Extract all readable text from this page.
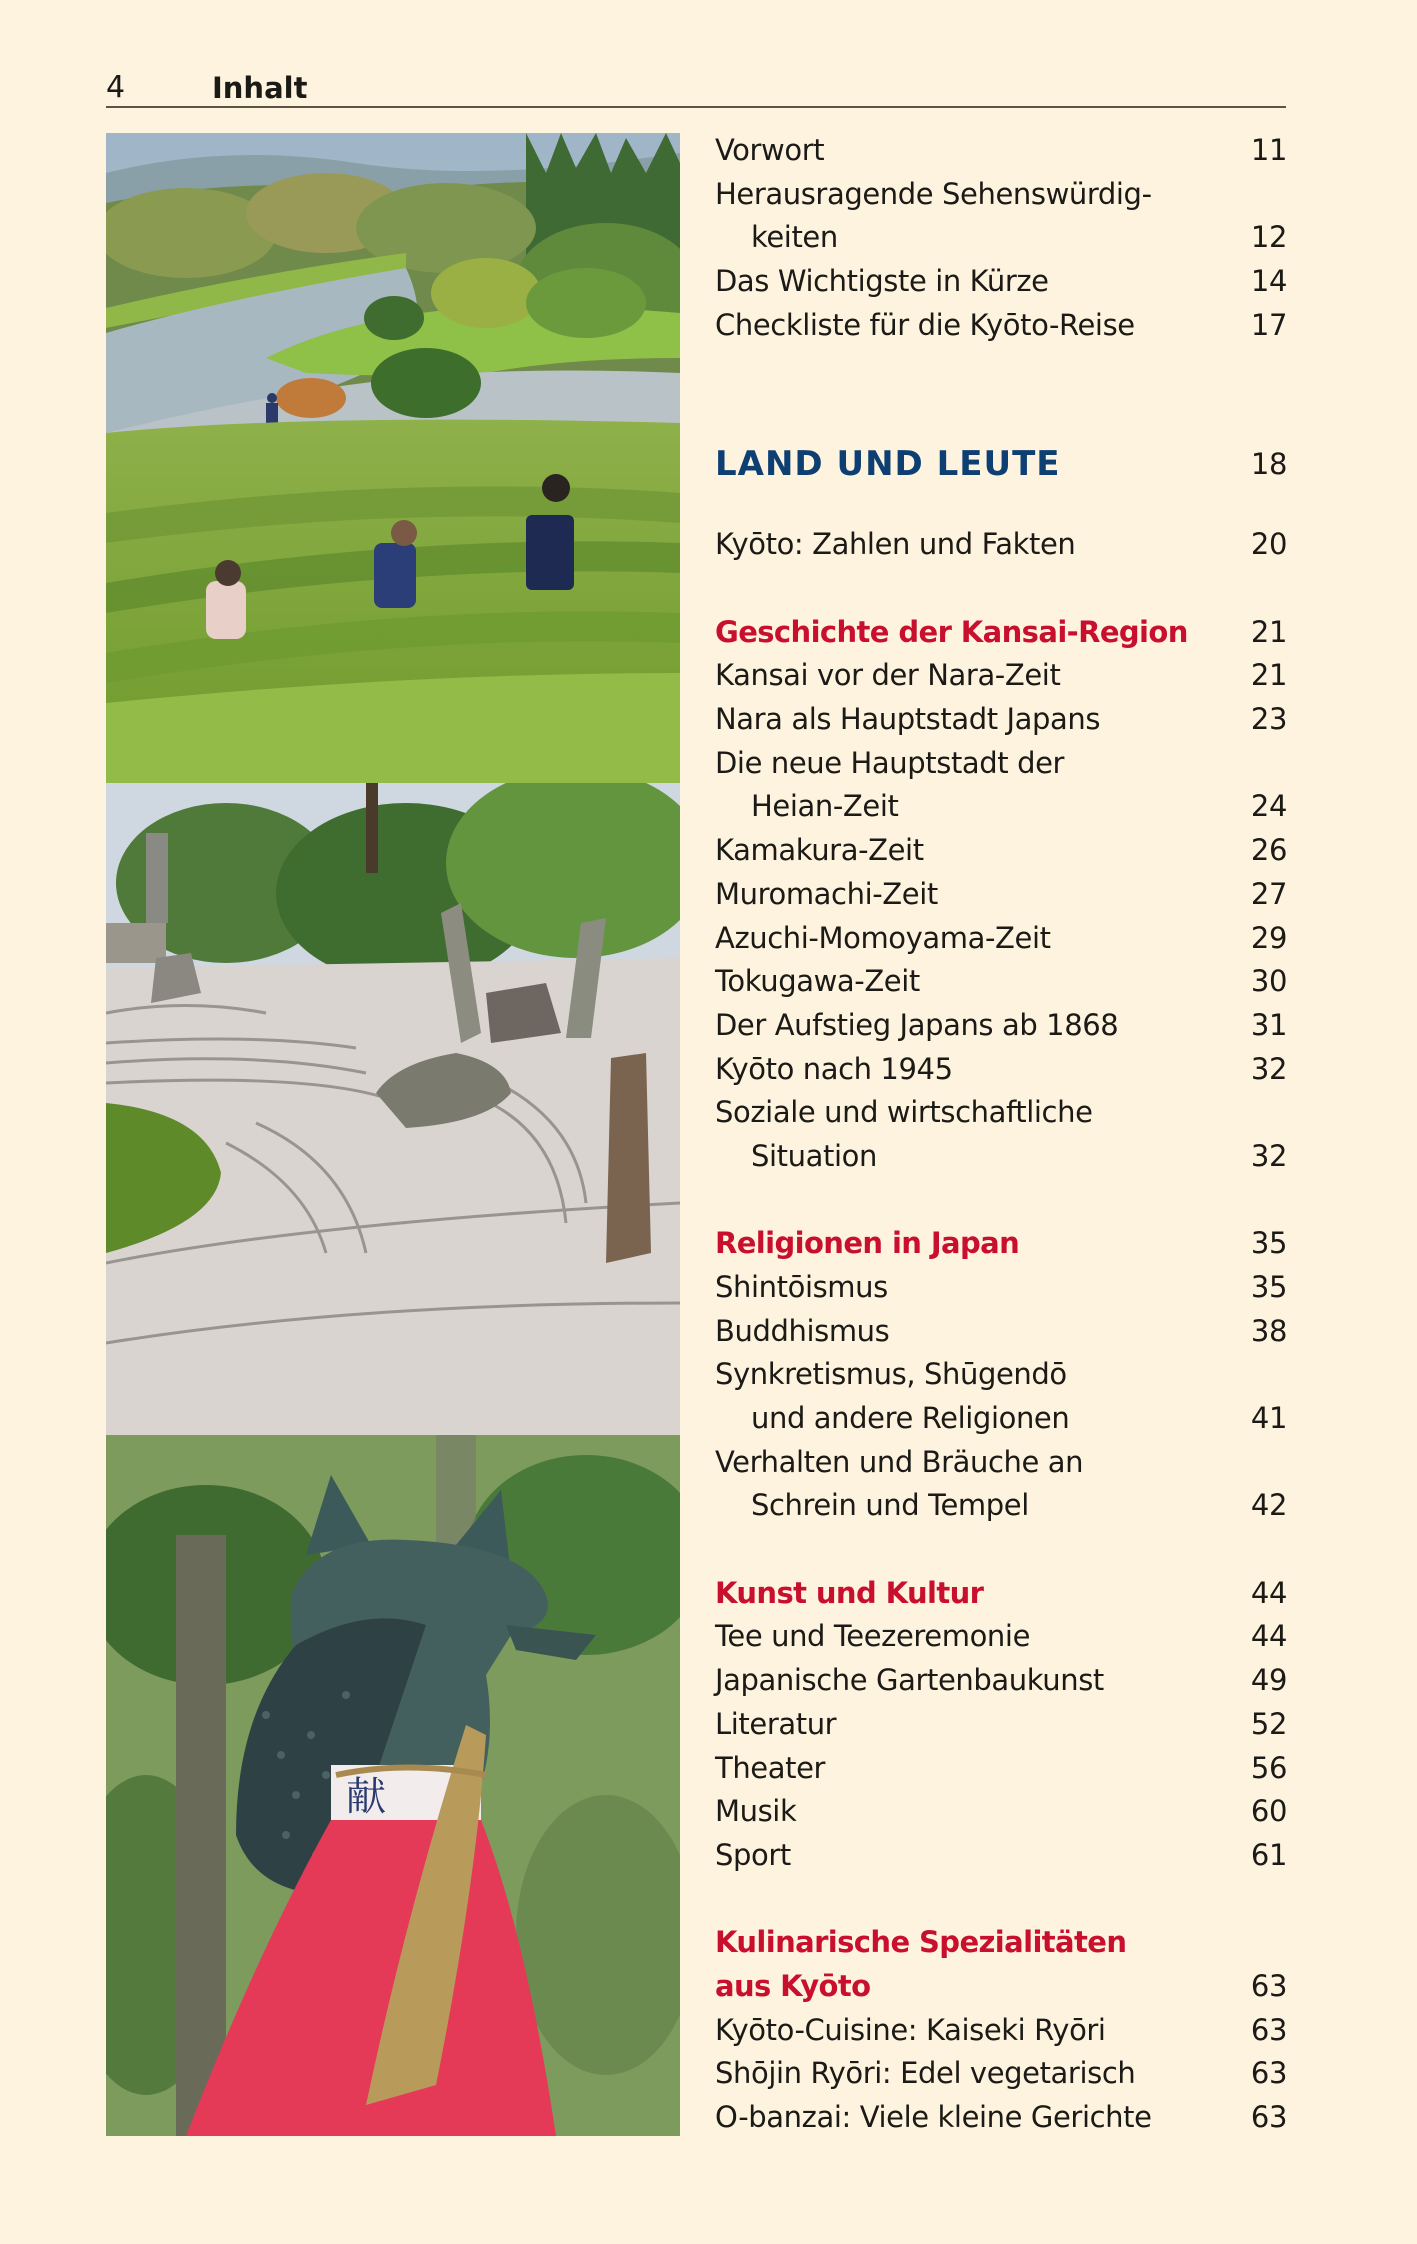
4	Inhalt
献
Vorwort	11
Herausragende Sehenswürdig-
keiten	12
Das Wichtigste in Kürze	14
Checkliste für die Kyōto-Reise	17
LAND UND LEUTE	18
Kyōto: Zahlen und Fakten	20
Geschichte der Kansai-Region 21
Kansai vor der Nara-Zeit	21
Nara als Hauptstadt Japans	23
Die neue Hauptstadt der
Heian-Zeit	24
Kamakura-Zeit	26
Muromachi-Zeit	27
Azuchi-Momoyama-Zeit	29
Tokugawa-Zeit	30
Der Aufstieg Japans ab 1868	31
Kyōto nach 1945	32
Soziale und wirtschaftliche
Situation	32
Religionen in Japan	35
Shintōismus	35
Buddhismus	38
Synkretismus, Shūgendō
und andere Religionen	41
Verhalten und Bräuche an
Schrein und Tempel	42
Kunst und Kultur	44
Tee und Teezeremonie	44
Japanische Gartenbaukunst	49
Literatur	52
Theater	56
Musik	60
Sport	61
Kulinarische Spezialitäten
aus Kyōto	63
Kyōto-Cuisine: Kaiseki Ryōri	63
Shōjin Ryōri: Edel vegetarisch	63
O-banzai: Viele kleine Gerichte	63
